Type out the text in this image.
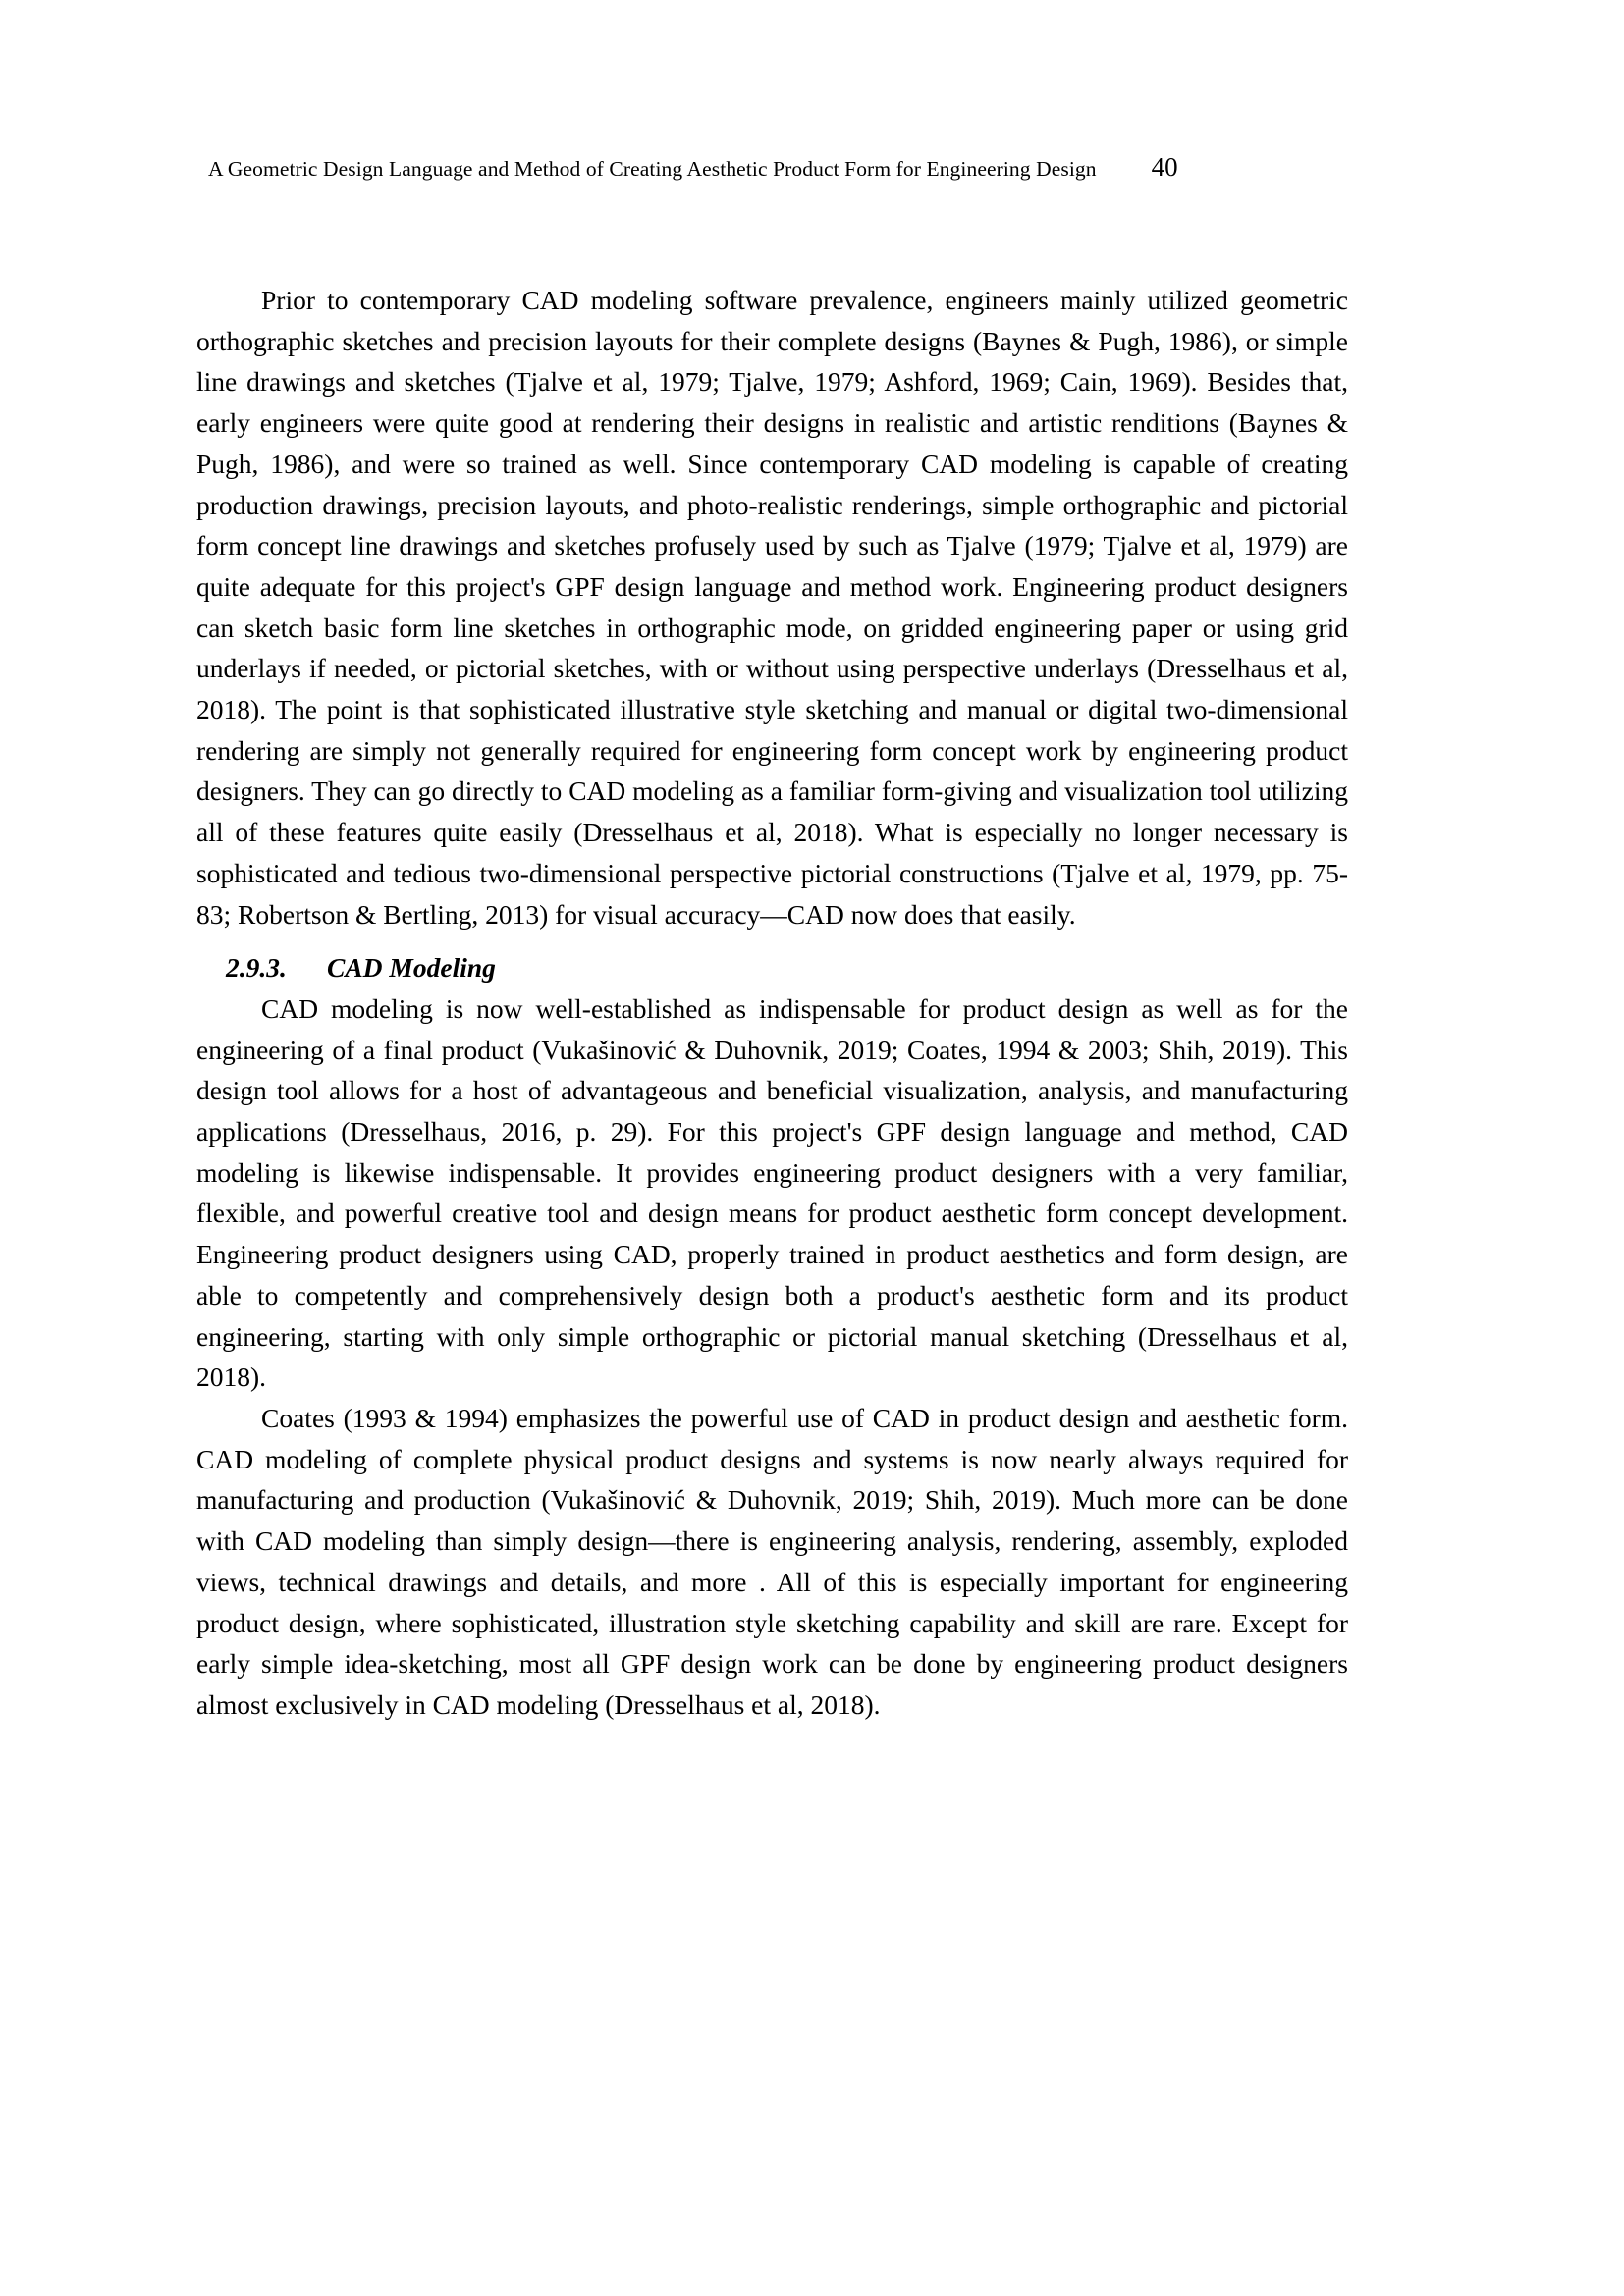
A Geometric Design Language and Method of Creating Aesthetic Product Form for Engineering Design 40

Prior to contemporary CAD modeling software prevalence, engineers mainly utilized geometric orthographic sketches and precision layouts for their complete designs (Baynes & Pugh, 1986), or simple line drawings and sketches (Tjalve et al, 1979; Tjalve, 1979; Ashford, 1969; Cain, 1969). Besides that, early engineers were quite good at rendering their designs in realistic and artistic renditions (Baynes & Pugh, 1986), and were so trained as well. Since contemporary CAD modeling is capable of creating production drawings, precision layouts, and photo-realistic renderings, simple orthographic and pictorial form concept line drawings and sketches profusely used by such as Tjalve (1979; Tjalve et al, 1979) are quite adequate for this project's GPF design language and method work. Engineering product designers can sketch basic form line sketches in orthographic mode, on gridded engineering paper or using grid underlays if needed, or pictorial sketches, with or without using perspective underlays (Dresselhaus et al, 2018). The point is that sophisticated illustrative style sketching and manual or digital two-dimensional rendering are simply not generally required for engineering form concept work by engineering product designers. They can go directly to CAD modeling as a familiar form-giving and visualization tool utilizing all of these features quite easily (Dresselhaus et al, 2018). What is especially no longer necessary is sophisticated and tedious two-dimensional perspective pictorial constructions (Tjalve et al, 1979, pp. 75-83; Robertson & Bertling, 2013) for visual accuracy—CAD now does that easily.

2.9.3.	CAD Modeling

CAD modeling is now well-established as indispensable for product design as well as for the engineering of a final product (Vukašinović & Duhovnik, 2019; Coates, 1994 & 2003; Shih, 2019). This design tool allows for a host of advantageous and beneficial visualization, analysis, and manufacturing applications (Dresselhaus, 2016, p. 29). For this project's GPF design language and method, CAD modeling is likewise indispensable. It provides engineering product designers with a very familiar, flexible, and powerful creative tool and design means for product aesthetic form concept development. Engineering product designers using CAD, properly trained in product aesthetics and form design, are able to competently and comprehensively design both a product's aesthetic form and its product engineering, starting with only simple orthographic or pictorial manual sketching (Dresselhaus et al, 2018).

Coates (1993 & 1994) emphasizes the powerful use of CAD in product design and aesthetic form. CAD modeling of complete physical product designs and systems is now nearly always required for manufacturing and production (Vukašinović & Duhovnik, 2019; Shih, 2019). Much more can be done with CAD modeling than simply design—there is engineering analysis, rendering, assembly, exploded views, technical drawings and details, and more . All of this is especially important for engineering product design, where sophisticated, illustration style sketching capability and skill are rare. Except for early simple idea-sketching, most all GPF design work can be done by engineering product designers almost exclusively in CAD modeling (Dresselhaus et al, 2018).
